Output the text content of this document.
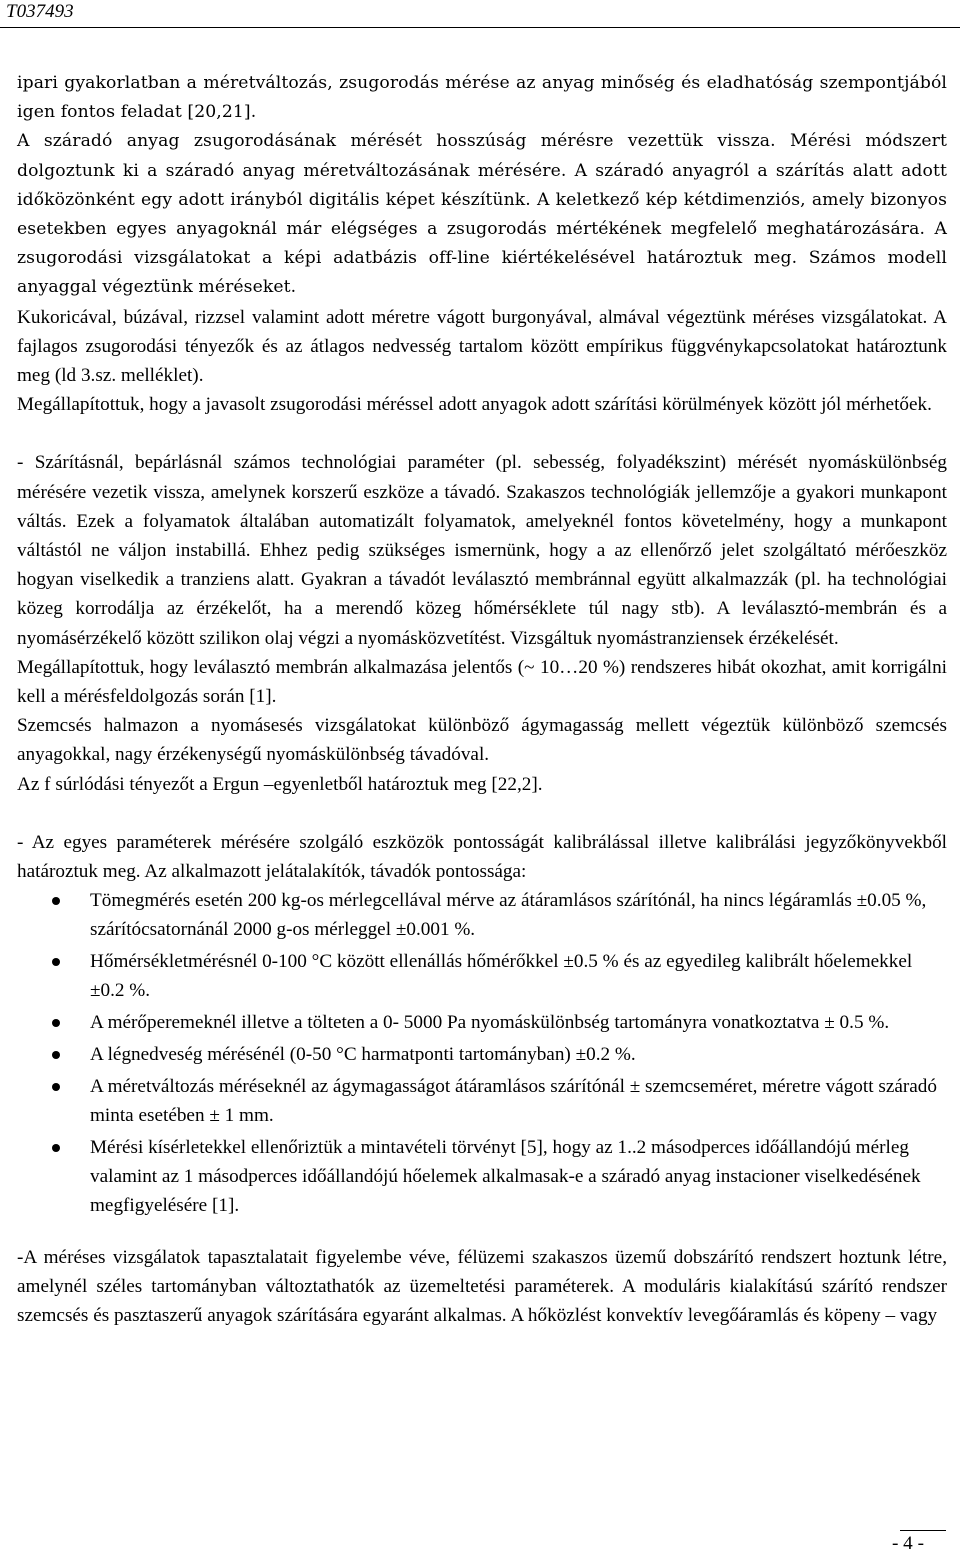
T037493

ipari gyakorlatban a méretváltozás, zsugorodás mérése az anyag minőség és eladhatóság szempontjából igen fontos feladat [20,21].

A száradó anyag zsugorodásának mérését hosszúság mérésre vezettük vissza. Mérési módszert dolgoztunk ki a száradó anyag méretváltozásának mérésére. A száradó anyagról a szárítás alatt adott időközönként egy adott irányból digitális képet készítünk. A keletkező kép kétdimenziós, amely bizonyos esetekben egyes anyagoknál már elégséges a zsugorodás mértékének megfelelő meghatározására. A zsugorodási vizsgálatokat a képi adatbázis off-line kiértékelésével határoztuk meg. Számos modell anyaggal végeztünk méréseket.

Kukoricával, búzával, rizzsel valamint adott méretre vágott burgonyával, almával végeztünk méréses vizsgálatokat. A fajlagos zsugorodási tényezők és az átlagos nedvesség tartalom között empírikus függvénykapcsolatokat határoztunk meg (ld 3.sz. melléklet).

Megállapítottuk, hogy a javasolt zsugorodási méréssel adott anyagok adott szárítási körülmények között jól mérhetőek.

- Szárításnál, bepárlásnál számos technológiai paraméter (pl. sebesség, folyadékszint) mérését nyomáskülönbség mérésére vezetik vissza, amelynek korszerű eszköze a távadó. Szakaszos technológiák jellemzője a gyakori munkapont váltás. Ezek a folyamatok általában automatizált folyamatok, amelyeknél fontos követelmény, hogy a munkapont váltástól ne váljon instabillá. Ehhez pedig szükséges ismernünk, hogy a az ellenőrző jelet szolgáltató mérőeszköz hogyan viselkedik a tranziens alatt. Gyakran a távadót leválasztó membránnal együtt alkalmazzák (pl. ha technológiai közeg korrodálja az érzékelőt, ha a merendő közeg hőmérséklete túl nagy stb). A leválasztó-membrán és a nyomásérzékelő között szilikon olaj végzi a nyomásközvetítést. Vizsgáltuk nyomástranziensek érzékelését.

Megállapítottuk, hogy leválasztó membrán alkalmazása jelentős (~ 10…20 %) rendszeres hibát okozhat, amit korrigálni kell a mérésfeldolgozás során [1].

Szemcsés halmazon a nyomásesés vizsgálatokat különböző ágymagasság mellett végeztük különböző szemcsés anyagokkal, nagy érzékenységű nyomáskülönbség távadóval.

Az f súrlódási tényezőt a Ergun –egyenletből határoztuk meg [22,2].

- Az egyes paraméterek mérésére szolgáló eszközök pontosságát kalibrálással illetve kalibrálási jegyzőkönyvekből határoztuk meg. Az alkalmazott jelátalakítók, távadók pontossága:

Tömegmérés esetén 200 kg-os mérlegcellával mérve az átáramlásos szárítónál, ha nincs légáramlás ±0.05 %, szárítócsatornánál 2000 g-os mérleggel ±0.001 %.
Hőmérsékletmérésnél 0-100 °C között ellenállás hőmérőkkel ±0.5 % és az egyedileg kalibrált hőelemekkel ±0.2 %.
A mérőperemeknél illetve a tölteten a 0- 5000 Pa nyomáskülönbség tartományra vonatkoztatva ± 0.5 %.
A légnedveség mérésénél (0-50 °C harmatponti tartományban) ±0.2 %.
A méretváltozás méréseknél az ágymagasságot átáramlásos szárítónál ± szemcseméret, méretre vágott száradó minta esetében ± 1 mm.
Mérési kísérletekkel ellenőriztük a mintavételi törvényt [5], hogy az 1..2 másodperces időállandójú mérleg valamint az 1 másodperces időállandójú hőelemek alkalmasak-e a száradó anyag instacioner viselkedésének megfigyelésére [1].

-A méréses vizsgálatok tapasztalatait figyelembe véve, félüzemi szakaszos üzemű dobszárító rendszert hoztunk létre, amelynél széles tartományban változtathatók az üzemeltetési paraméterek. A moduláris kialakítású szárító rendszer szemcsés és pasztaszerű anyagok szárítására egyaránt alkalmas. A hőközlést konvektív levegőáramlás és köpeny – vagy

- 4 -
